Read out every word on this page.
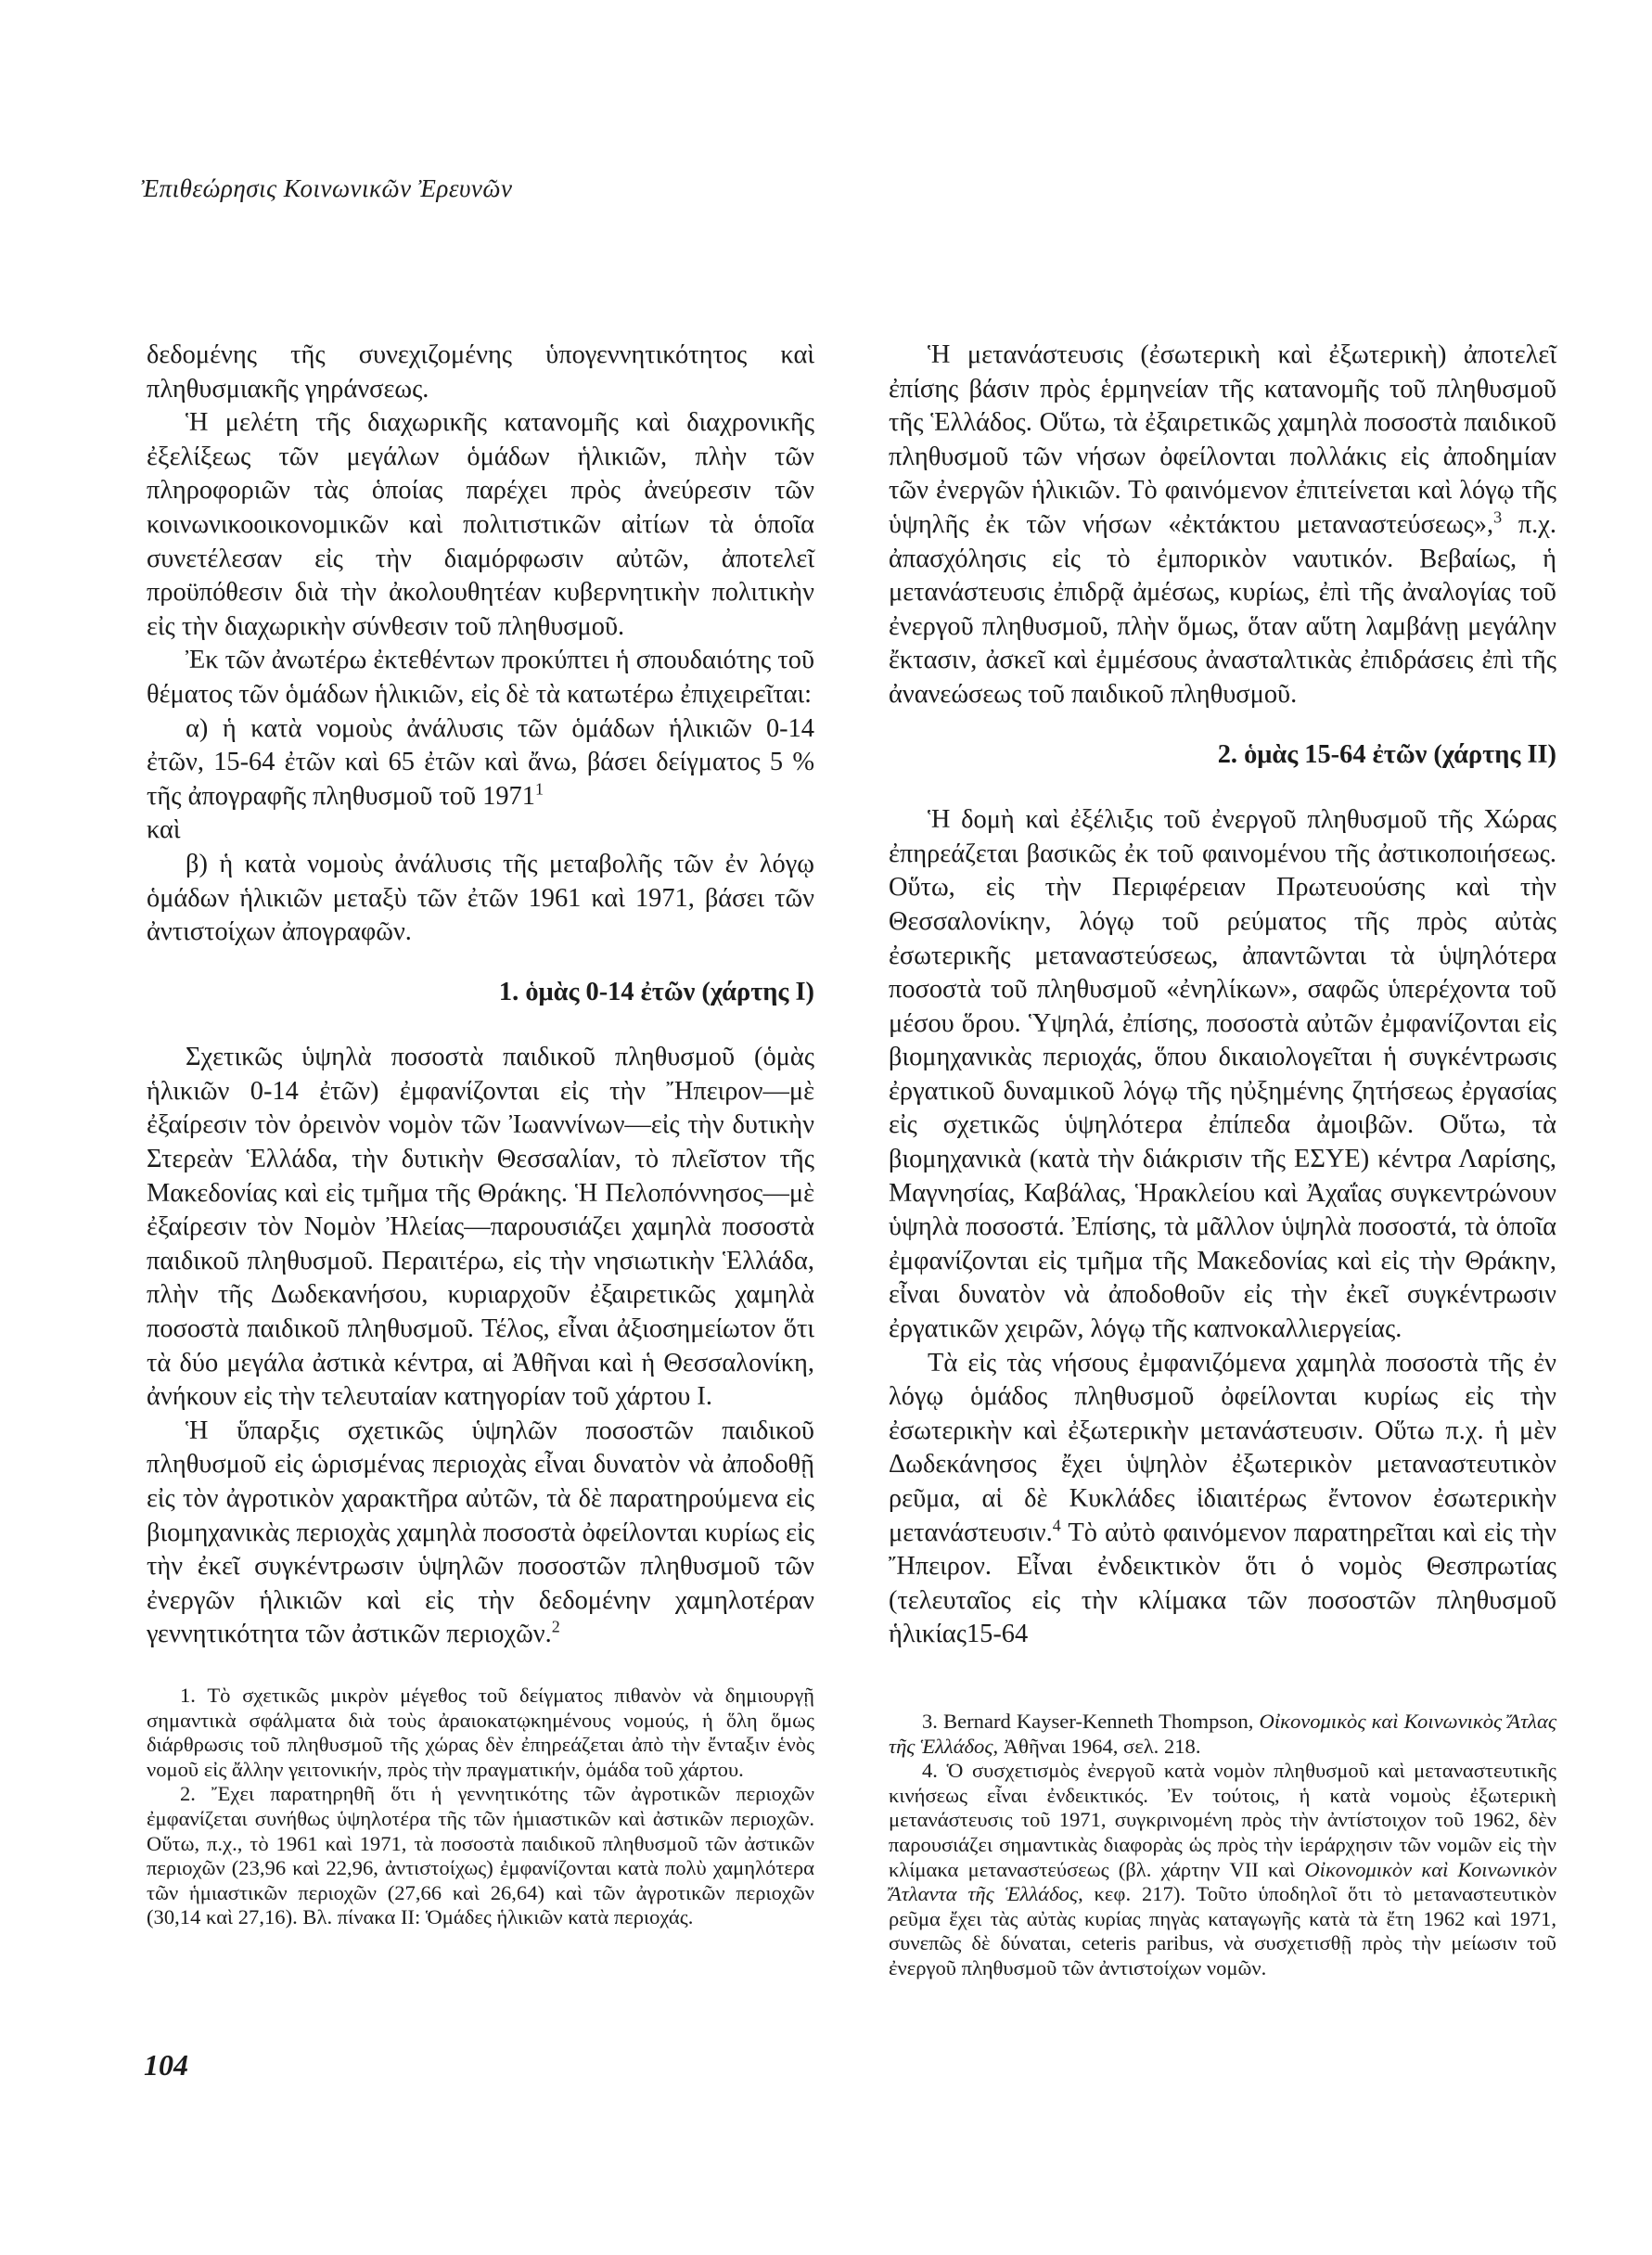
Ἐπιθεώρησις Κοινωνικῶν Ἐρευνῶν

δεδομένης τῆς συνεχιζομένης ὑπογεννητικότητος καὶ πληθυσμιακῆς γηράνσεως.

Ἡ μελέτη τῆς διαχωρικῆς κατανομῆς καὶ διαχρονικῆς ἐξελίξεως τῶν μεγάλων ὁμάδων ἡλικιῶν, πλὴν τῶν πληροφοριῶν τὰς ὁποίας παρέχει πρὸς ἀνεύρεσιν τῶν κοινωνικοοικονομικῶν καὶ πολιτιστικῶν αἰτίων τὰ ὁποῖα συνετέλεσαν εἰς τὴν διαμόρφωσιν αὐτῶν, ἀποτελεῖ προϋπόθεσιν διὰ τὴν ἀκολουθητέαν κυβερνητικὴν πολιτικὴν εἰς τὴν διαχωρικὴν σύνθεσιν τοῦ πληθυσμοῦ.

Ἐκ τῶν ἀνωτέρω ἐκτεθέντων προκύπτει ἡ σπουδαιότης τοῦ θέματος τῶν ὁμάδων ἡλικιῶν, εἰς δὲ τὰ κατωτέρω ἐπιχειρεῖται:

α) ἡ κατὰ νομοὺς ἀνάλυσις τῶν ὁμάδων ἡλικιῶν 0-14 ἐτῶν, 15-64 ἐτῶν καὶ 65 ἐτῶν καὶ ἄνω, βάσει δείγματος 5 % τῆς ἀπογραφῆς πληθυσμοῦ τοῦ 1971$^1$
καὶ

β) ἡ κατὰ νομοὺς ἀνάλυσις τῆς μεταβολῆς τῶν ἐν λόγῳ ὁμάδων ἡλικιῶν μεταξὺ τῶν ἐτῶν 1961 καὶ 1971, βάσει τῶν ἀντιστοίχων ἀπογραφῶν.

1. ὁμὰς 0-14 ἐτῶν (χάρτης Ι)

Σχετικῶς ὑψηλὰ ποσοστὰ παιδικοῦ πληθυσμοῦ (ὁμὰς ἡλικιῶν 0-14 ἐτῶν) ἐμφανίζονται εἰς τὴν Ἤπειρον—μὲ ἐξαίρεσιν τὸν ὀρεινὸν νομὸν τῶν Ἰωαννίνων—εἰς τὴν δυτικὴν Στερεὰν Ἑλλάδα, τὴν δυτικὴν Θεσσαλίαν, τὸ πλεῖστον τῆς Μακεδονίας καὶ εἰς τμῆμα τῆς Θράκης. Ἡ Πελοπόννησος—μὲ ἐξαίρεσιν τὸν Νομὸν Ἠλείας—παρουσιάζει χαμηλὰ ποσοστὰ παιδικοῦ πληθυσμοῦ. Περαιτέρω, εἰς τὴν νησιωτικὴν Ἑλλάδα, πλὴν τῆς Δωδεκανήσου, κυριαρχοῦν ἐξαιρετικῶς χαμηλὰ ποσοστὰ παιδικοῦ πληθυσμοῦ. Τέλος, εἶναι ἀξιοσημείωτον ὅτι τὰ δύο μεγάλα ἀστικὰ κέντρα, αἱ Ἀθῆναι καὶ ἡ Θεσσαλονίκη, ἀνήκουν εἰς τὴν τελευταίαν κατηγορίαν τοῦ χάρτου Ι.

Ἡ ὕπαρξις σχετικῶς ὑψηλῶν ποσοστῶν παιδικοῦ πληθυσμοῦ εἰς ὡρισμένας περιοχὰς εἶναι δυνατὸν νὰ ἀποδοθῇ εἰς τὸν ἀγροτικὸν χαρακτῆρα αὐτῶν, τὰ δὲ παρατηρούμενα εἰς βιομηχανικὰς περιοχὰς χαμηλὰ ποσοστὰ ὀφείλονται κυρίως εἰς τὴν ἐκεῖ συγκέντρωσιν ὑψηλῶν ποσοστῶν πληθυσμοῦ τῶν ἐνεργῶν ἡλικιῶν καὶ εἰς τὴν δεδομένην χαμηλοτέραν γεννητικότητα τῶν ἀστικῶν περιοχῶν.$^2$

1. Τὸ σχετικῶς μικρὸν μέγεθος τοῦ δείγματος πιθανὸν νὰ δημιουργῇ σημαντικὰ σφάλματα διὰ τοὺς ἀραιοκατῳκημένους νομούς, ἡ ὅλη ὅμως διάρθρωσις τοῦ πληθυσμοῦ τῆς χώρας δὲν ἐπηρεάζεται ἀπὸ τὴν ἔνταξιν ἑνὸς νομοῦ εἰς ἄλλην γειτονικήν, πρὸς τὴν πραγματικήν, ὁμάδα τοῦ χάρτου.

2. Ἔχει παρατηρηθῆ ὅτι ἡ γεννητικότης τῶν ἀγροτικῶν περιοχῶν ἐμφανίζεται συνήθως ὑψηλοτέρα τῆς τῶν ἡμιαστικῶν καὶ ἀστικῶν περιοχῶν. Οὕτω, π.χ., τὸ 1961 καὶ 1971, τὰ ποσοστὰ παιδικοῦ πληθυσμοῦ τῶν ἀστικῶν περιοχῶν (23,96 καὶ 22,96, ἀντιστοίχως) ἐμφανίζονται κατὰ πολὺ χαμηλότερα τῶν ἡμιαστικῶν περιοχῶν (27,66 καὶ 26,64) καὶ τῶν ἀγροτικῶν περιοχῶν (30,14 καὶ 27,16). Βλ. πίνακα ΙΙ: Ὁμάδες ἡλικιῶν κατὰ περιοχάς.

Ἡ μετανάστευσις (ἐσωτερικὴ καὶ ἐξωτερικὴ) ἀποτελεῖ ἐπίσης βάσιν πρὸς ἑρμηνείαν τῆς κατανομῆς τοῦ πληθυσμοῦ τῆς Ἑλλάδος. Οὕτω, τὰ ἐξαιρετικῶς χαμηλὰ ποσοστὰ παιδικοῦ πληθυσμοῦ τῶν νήσων ὀφείλονται πολλάκις εἰς ἀποδημίαν τῶν ἐνεργῶν ἡλικιῶν. Τὸ φαινόμενον ἐπιτείνεται καὶ λόγῳ τῆς ὑψηλῆς ἐκ τῶν νήσων «ἐκτάκτου μεταναστεύσεως»,$^3$ π.χ. ἀπασχόλησις εἰς τὸ ἐμπορικὸν ναυτικόν. Βεβαίως, ἡ μετανάστευσις ἐπιδρᾷ ἀμέσως, κυρίως, ἐπὶ τῆς ἀναλογίας τοῦ ἐνεργοῦ πληθυσμοῦ, πλὴν ὅμως, ὅταν αὕτη λαμβάνῃ μεγάλην ἔκτασιν, ἀσκεῖ καὶ ἐμμέσους ἀνασταλτικὰς ἐπιδράσεις ἐπὶ τῆς ἀνανεώσεως τοῦ παιδικοῦ πληθυσμοῦ.

2. ὁμὰς 15-64 ἐτῶν (χάρτης ΙΙ)

Ἡ δομὴ καὶ ἐξέλιξις τοῦ ἐνεργοῦ πληθυσμοῦ τῆς Χώρας ἐπηρεάζεται βασικῶς ἐκ τοῦ φαινομένου τῆς ἀστικοποιήσεως. Οὕτω, εἰς τὴν Περιφέρειαν Πρωτευούσης καὶ τὴν Θεσσαλονίκην, λόγῳ τοῦ ρεύματος τῆς πρὸς αὐτὰς ἐσωτερικῆς μεταναστεύσεως, ἀπαντῶνται τὰ ὑψηλότερα ποσοστὰ τοῦ πληθυσμοῦ «ἐνηλίκων», σαφῶς ὑπερέχοντα τοῦ μέσου ὅρου. Ὑψηλά, ἐπίσης, ποσοστὰ αὐτῶν ἐμφανίζονται εἰς βιομηχανικὰς περιοχάς, ὅπου δικαιολογεῖται ἡ συγκέντρωσις ἐργατικοῦ δυναμικοῦ λόγῳ τῆς ηὐξημένης ζητήσεως ἐργασίας εἰς σχετικῶς ὑψηλότερα ἐπίπεδα ἀμοιβῶν. Οὕτω, τὰ βιομηχανικὰ (κατὰ τὴν διάκρισιν τῆς ΕΣΥΕ) κέντρα Λαρίσης, Μαγνησίας, Καβάλας, Ἡρακλείου καὶ Ἀχαΐας συγκεντρώνουν ὑψηλὰ ποσοστά. Ἐπίσης, τὰ μᾶλλον ὑψηλὰ ποσοστά, τὰ ὁποῖα ἐμφανίζονται εἰς τμῆμα τῆς Μακεδονίας καὶ εἰς τὴν Θράκην, εἶναι δυνατὸν νὰ ἀποδοθοῦν εἰς τὴν ἐκεῖ συγκέντρωσιν ἐργατικῶν χειρῶν, λόγῳ τῆς καπνοκαλλιεργείας.

Τὰ εἰς τὰς νήσους ἐμφανιζόμενα χαμηλὰ ποσοστὰ τῆς ἐν λόγῳ ὁμάδος πληθυσμοῦ ὀφείλονται κυρίως εἰς τὴν ἐσωτερικὴν καὶ ἐξωτερικὴν μετανάστευσιν. Οὕτω π.χ. ἡ μὲν Δωδεκάνησος ἔχει ὑψηλὸν ἐξωτερικὸν μεταναστευτικὸν ρεῦμα, αἱ δὲ Κυκλάδες ἰδιαιτέρως ἔντονον ἐσωτερικὴν μετανάστευσιν.$^4$ Τὸ αὐτὸ φαινόμενον παρατηρεῖται καὶ εἰς τὴν Ἤπειρον. Εἶναι ἐνδεικτικὸν ὅτι ὁ νομὸς Θεσπρωτίας (τελευταῖος εἰς τὴν κλίμακα τῶν ποσοστῶν πληθυσμοῦ ἡλικίας15-64

3. Bernard Kayser-Kenneth Thompson, Οἰκονομικὸς καὶ Κοινωνικὸς Ἄτλας τῆς Ἑλλάδος, Ἀθῆναι 1964, σελ. 218.

4. Ὁ συσχετισμὸς ἐνεργοῦ κατὰ νομὸν πληθυσμοῦ καὶ μεταναστευτικῆς κινήσεως εἶναι ἐνδεικτικός. Ἐν τούτοις, ἡ κατὰ νομοὺς ἐξωτερικὴ μετανάστευσις τοῦ 1971, συγκρινομένη πρὸς τὴν ἀντίστοιχον τοῦ 1962, δὲν παρουσιάζει σημαντικὰς διαφορὰς ὡς πρὸς τὴν ἱεράρχησιν τῶν νομῶν εἰς τὴν κλίμακα μεταναστεύσεως (βλ. χάρτην VII καὶ Οἰκονομικὸν καὶ Κοινωνικὸν Ἄτλαντα τῆς Ἑλλάδος, κεφ. 217). Τοῦτο ὑποδηλοῖ ὅτι τὸ μεταναστευτικὸν ρεῦμα ἔχει τὰς αὐτὰς κυρίας πηγὰς καταγωγῆς κατὰ τὰ ἔτη 1962 καὶ 1971, συνεπῶς δὲ δύναται, ceteris paribus, νὰ συσχετισθῇ πρὸς τὴν μείωσιν τοῦ ἐνεργοῦ πληθυσμοῦ τῶν ἀντιστοίχων νομῶν.

104
